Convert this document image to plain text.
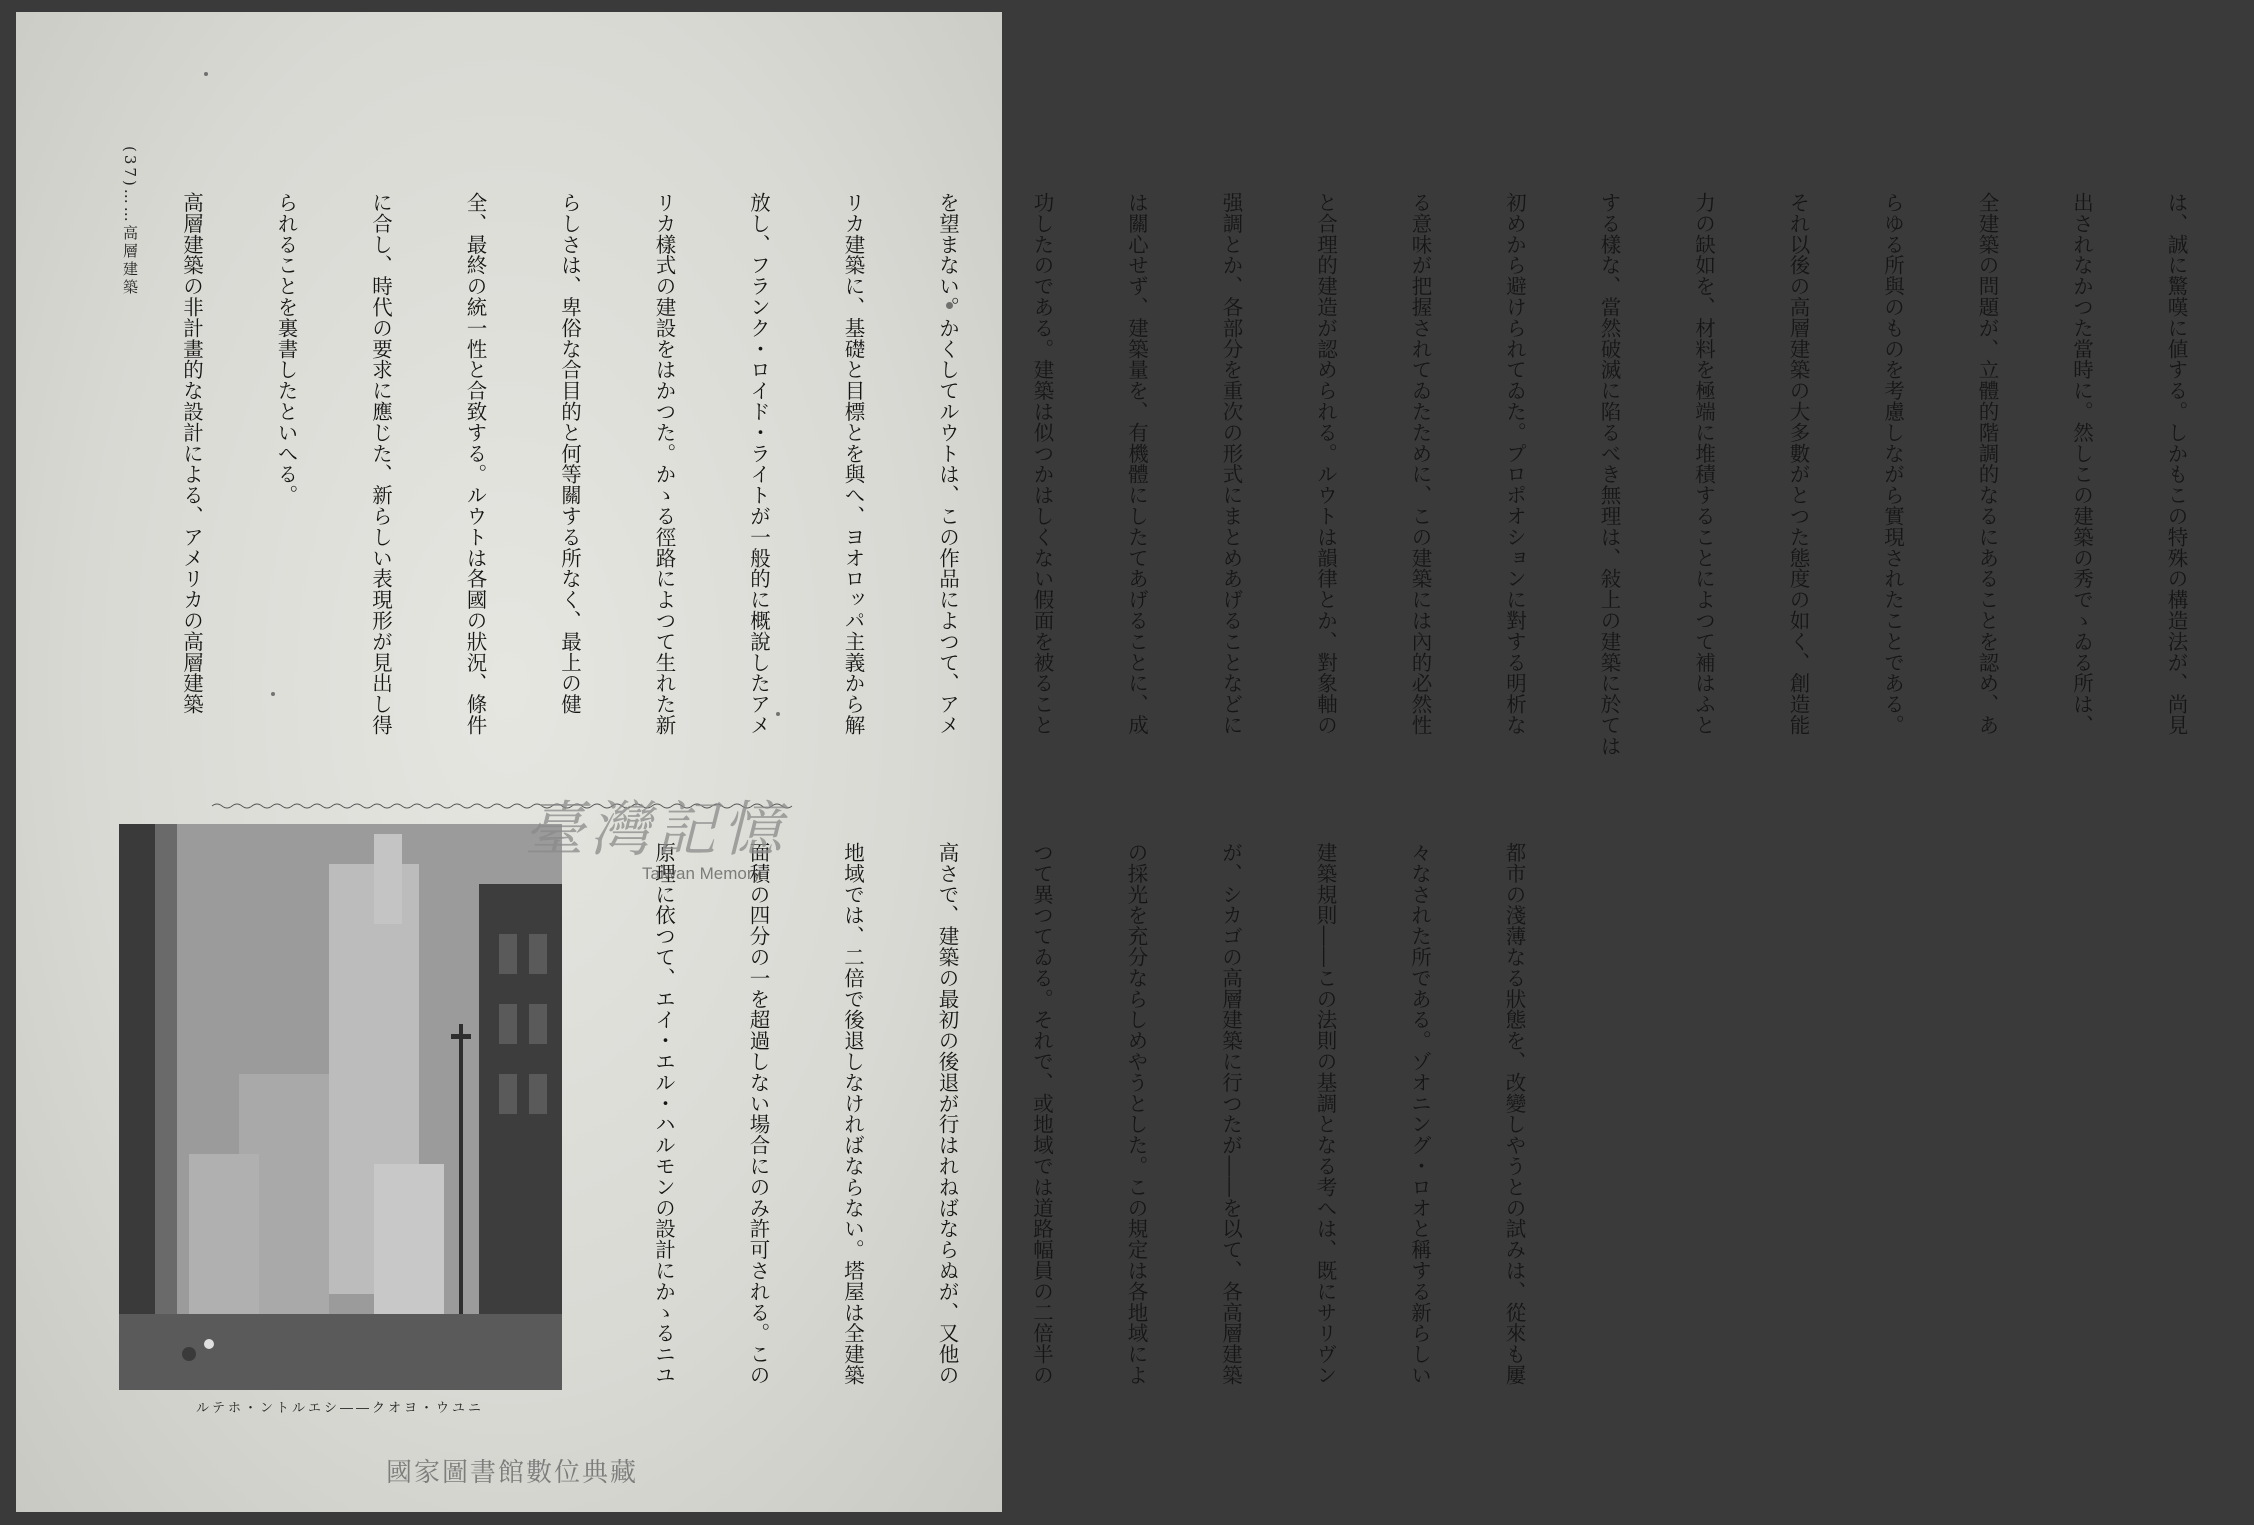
(37)……高層建築

	は、誠に驚嘆に値する。しかもこの特殊の構造法が、尚見

出されなかつた當時に。然しこの建築の秀でゝゐる所は、

全建築の問題が、立體的階調的なるにあることを認め、あ

らゆる所與のものを考慮しながら實現されたことである。

それ以後の高層建築の大多數がとつた態度の如く、創造能

力の缺如を、材料を極端に堆積することによつて補はふと

する樣な、當然破滅に陷るべき無理は、敍上の建築に於ては

初めから避けられてゐた。プロポオションに對する明析な

る意味が把握されてゐたために、この建築には內的必然性

と合理的建造が認められる。ルウトは韻律とか、對象軸の

强調とか、各部分を重次の形式にまとめあげることなどに

は關心せず、建築量を、有機體にしたてあげることに、成

功したのである。建築は似つかはしくない假面を被ること

を望まない。かくしてルウトは、この作品によつて、アメ

リカ建築に、基礎と目標とを與へ、ヨオロッパ主義から解

放し、フランク・ロイド・ライトが一般的に概說したアメ

リカ樣式の建設をはかつた。かゝる徑路によつて生れた新

らしさは、卑俗な合目的と何等關する所なく、最上の健

全、最終の統一性と合致する。ルウトは各國の狀況、條件

に合し、時代の要求に應じた、新らしい表現形が見出し得

られることを裏書したといへる。

高層建築の非計畫的な設計による、アメリカの高層建築

都市の淺薄なる狀態を、改變しやうとの試みは、從來も屢

々なされた所である。ゾオニング・ロオと稱する新らしい

建築規則――この法則の基調となる考へは、既にサリヴン

が、シカゴの高層建築に行つたが――を以て、各高層建築

の採光を充分ならしめやうとした。この規定は各地域によ

つて異つてゐる。それで、或地域では道路幅員の二倍半の

高さで、建築の最初の後退が行はれねばならぬが、又他の

地域では、二倍で後退しなければならない。塔屋は全建築

面積の四分の一を超過しない場合にのみ許可される。この

原理に依つて、エイ・エル・ハルモンの設計にかゝるニユ

ルテホ・ントルエシ――クオヨ・ウユニ
臺灣記憶
Taiwan Memory
國家圖書館數位典藏
